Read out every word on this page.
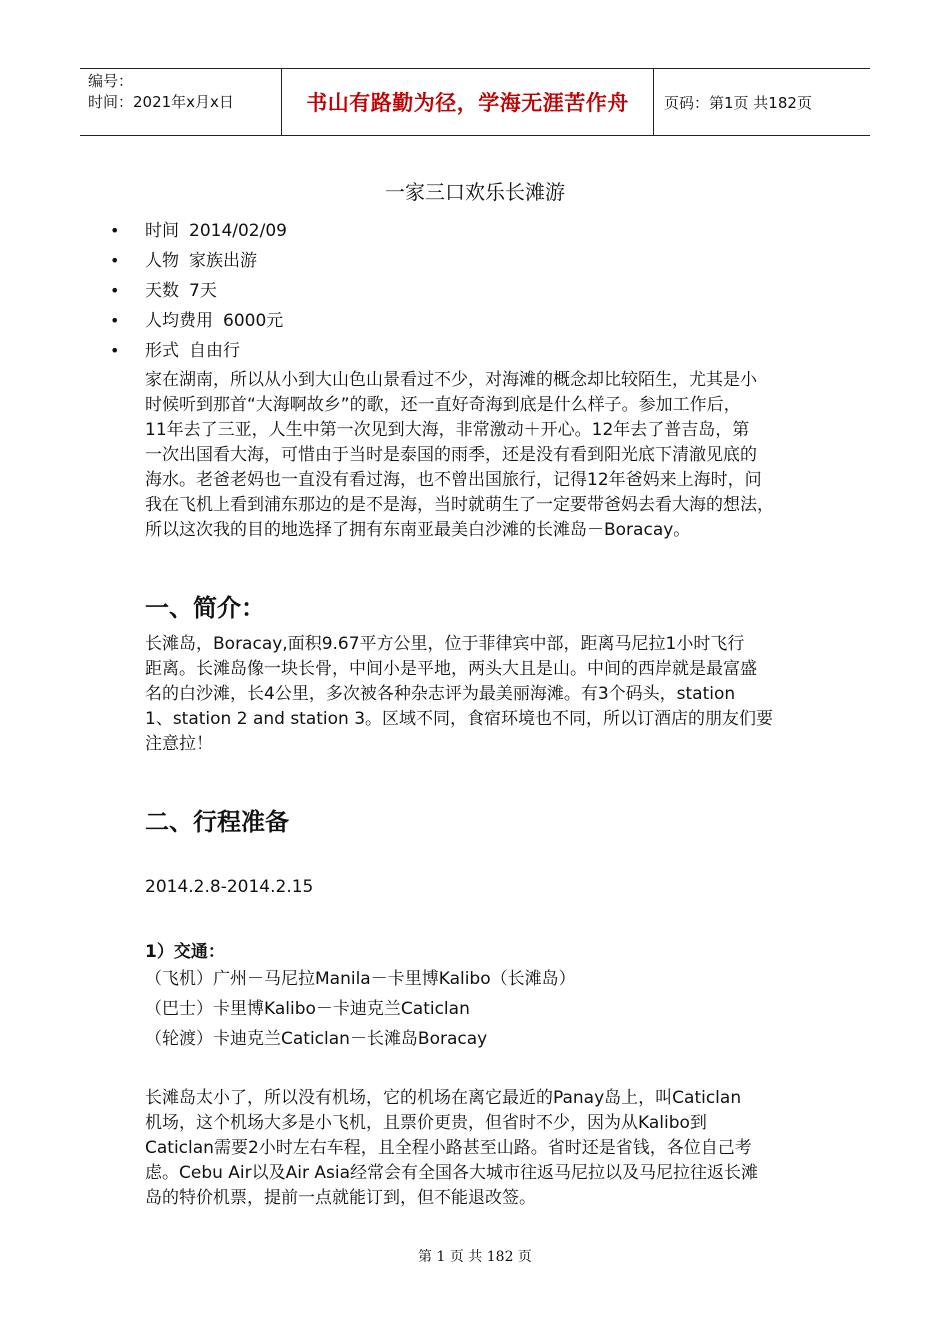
编号：
时间：2021年x月x日	书山有路勤为径，学海无涯苦作舟 页码：第1页 共182页
一家三口欢乐长滩游
• 时间 2014/02/09
• 人物 家族出游
• 天数 7天
• 人均费用 6000元
• 形式 自由行

家在湖南，所以从小到大山色山景看过不少，对海滩的概念却比较陌生，尤其是小
时候听到那首“大海啊故乡”的歌，还一直好奇海到底是什么样子。参加工作后，
11年去了三亚，人生中第一次见到大海，非常激动＋开心。12年去了普吉岛，第
一次出国看大海，可惜由于当时是泰国的雨季，还是没有看到阳光底下清澈见底的
海水。老爸老妈也一直没有看过海，也不曾出国旅行，记得12年爸妈来上海时，问
我在飞机上看到浦东那边的是不是海，当时就萌生了一定要带爸妈去看大海的想法，
所以这次我的目的地选择了拥有东南亚最美白沙滩的长滩岛－Boracay。

一、简介：

长滩岛，Boracay,面积9.67平方公里，位于菲律宾中部，距离马尼拉1小时飞行
距离。长滩岛像一块长骨，中间小是平地，两头大且是山。中间的西岸就是最富盛
名的白沙滩，长4公里，多次被各种杂志评为最美丽海滩。有3个码头，station
1、station 2 and station 3。区域不同，食宿环境也不同，所以订酒店的朋友们要
注意拉！

二、行程准备

2014.2.8-2014.2.15

1）交通：

（飞机）广州－马尼拉Manila－卡里博Kalibo（长滩岛）
（巴士）卡里博Kalibo－卡迪克兰Caticlan
（轮渡）卡迪克兰Caticlan－长滩岛Boracay

长滩岛太小了，所以没有机场，它的机场在离它最近的Panay岛上，叫Caticlan
机场，这个机场大多是小飞机，且票价更贵，但省时不少，因为从Kalibo到
Caticlan需要2小时左右车程，且全程小路甚至山路。省时还是省钱，各位自己考
虑。Cebu Air以及Air Asia经常会有全国各大城市往返马尼拉以及马尼拉往返长滩
岛的特价机票，提前一点就能订到，但不能退改签。

第 1 页 共 182 页
